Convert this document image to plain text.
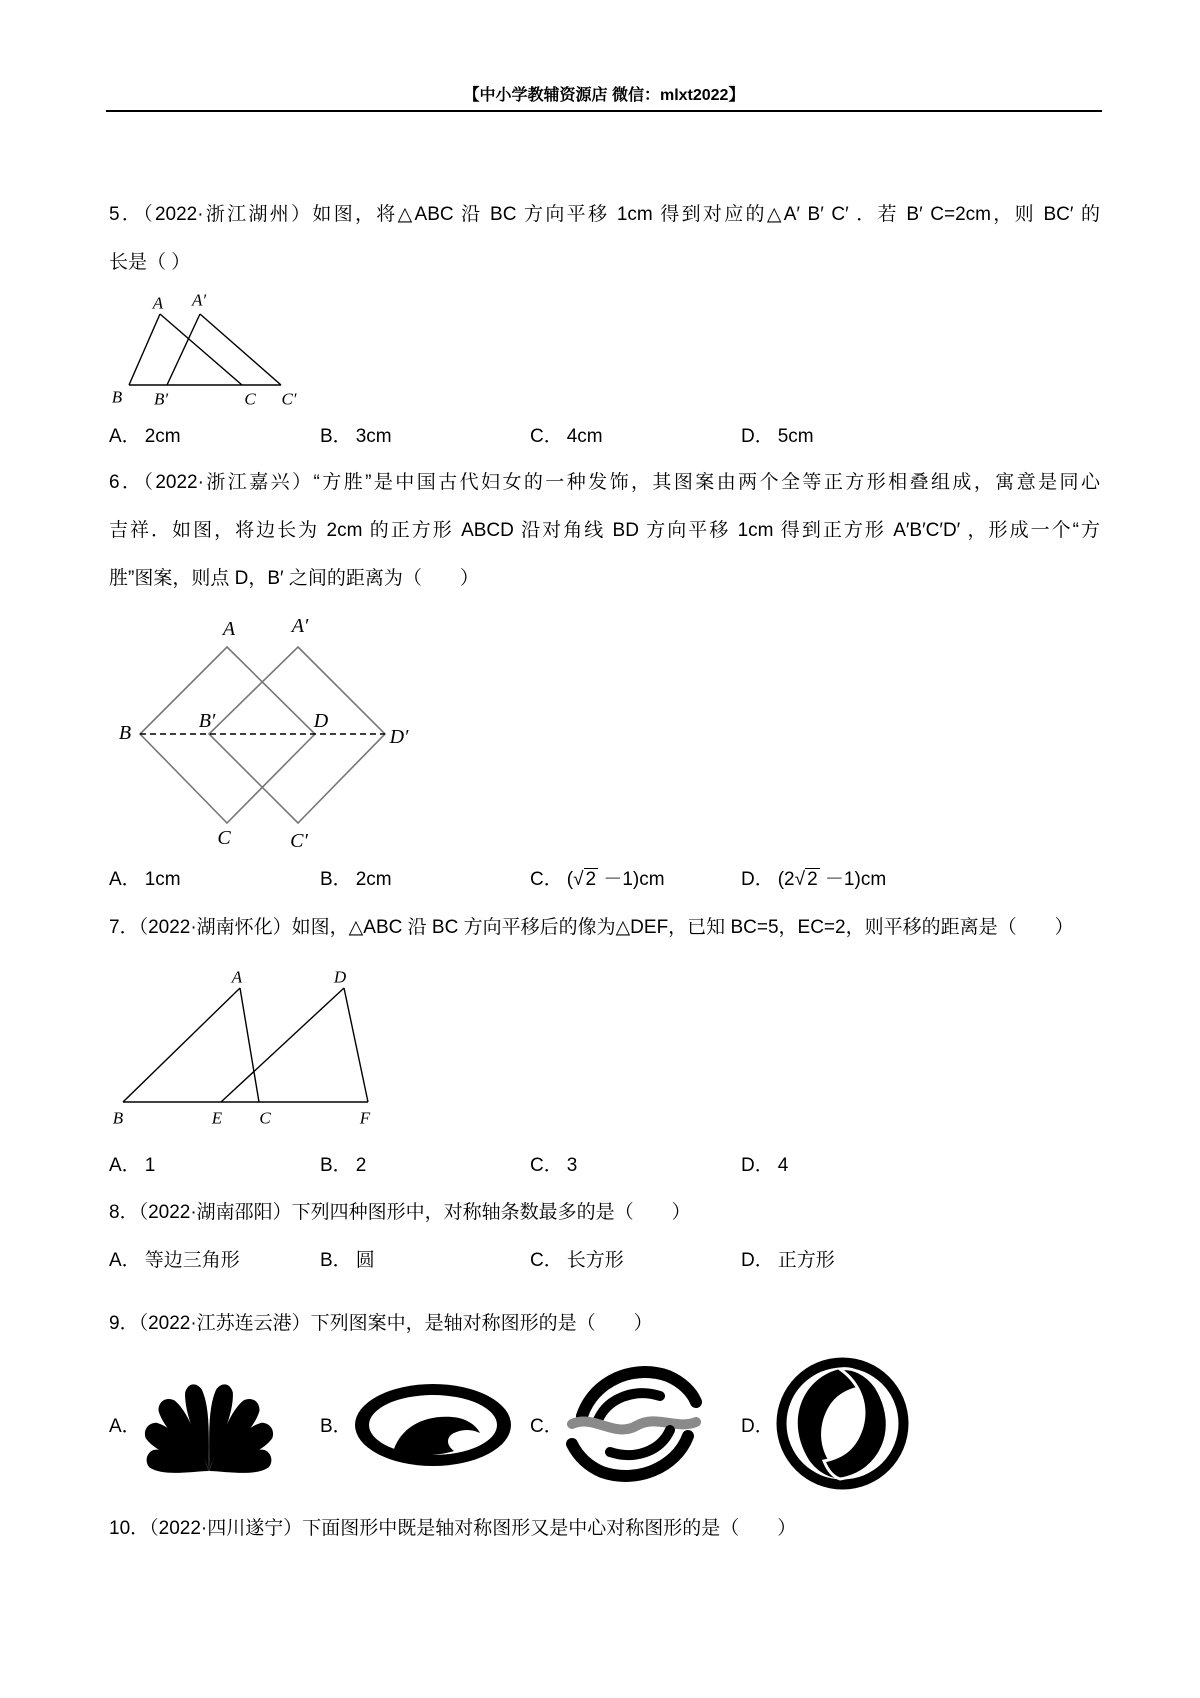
【中小学教辅资源店 微信：mlxt2022】
5．（2022·浙江湖州）如图，将△ABC 沿 BC 方向平移 1cm 得到对应的△A′ B′ C′ ．若 B′ C=2cm，则 BC′ 的
长是（ ）
A A′
B B′	C C′
A． 2cm	B． 3cm	C． 4cm	D． 5cm
6．（2022·浙江嘉兴）“方胜”是中国古代妇女的一种发饰，其图案由两个全等正方形相叠组成，寓意是同心
吉祥．如图，将边长为 2cm 的正方形 ABCD 沿对角线 BD 方向平移 1cm 得到正方形 A′B′C′D′ ，形成一个“方
胜”图案，则点 D，B′ 之间的距离为（　　）
A	A′
B
B′	D
D′
C	C′
A． 1cm	B． 2cm	C． (√ 2 －1)cm	D． (2√ 2 －1)cm
7．（2022·湖南怀化）如图，△ABC 沿 BC 方向平移后的像为△DEF，已知 BC=5，EC=2，则平移的距离是（　　）
A	D
B	E C	F
A． 1	B． 2	C． 3	D． 4
8．（2022·湖南邵阳）下列四种图形中，对称轴条数最多的是（　　）
A． 等边三角形	B． 圆	C． 长方形	D． 正方形
9．（2022·江苏连云港）下列图案中，是轴对称图形的是（　　）
A．	B．	C．	D．
10．（2022·四川遂宁）下面图形中既是轴对称图形又是中心对称图形的是（　　）
